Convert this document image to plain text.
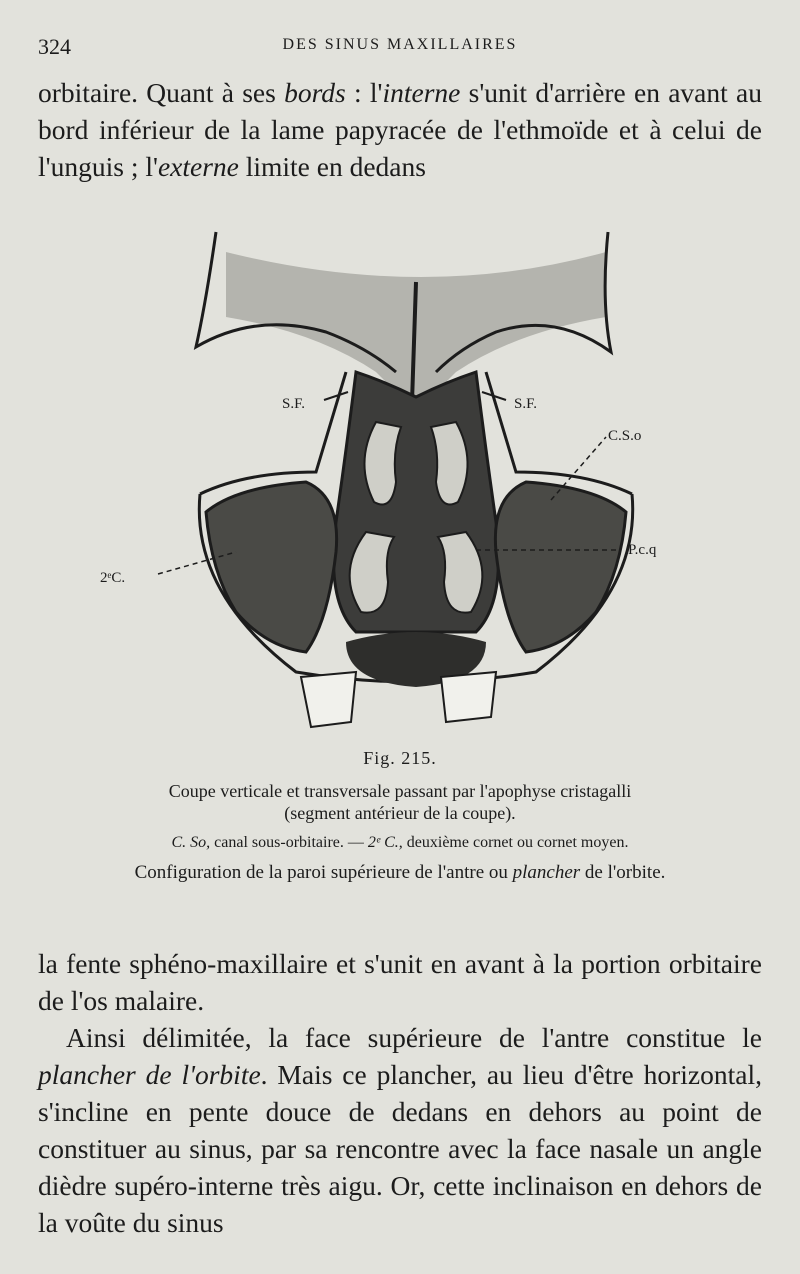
324	DES SINUS MAXILLAIRES
orbitaire. Quant à ses bords : l'interne s'unit d'arrière en avant au bord inférieur de la lame papyracée de l'ethmoïde et à celui de l'unguis ; l'externe limite en dedans
S.F.	S.F.
C.S.o
P.c.q
2ᵉC.
Fig. 215.
Coupe verticale et transversale passant par l'apophyse cristagalli
(segment antérieur de la coupe).
C. So, canal sous-orbitaire. — 2ᵉ C., deuxième cornet ou cornet moyen.
Configuration de la paroi supérieure de l'antre ou plancher de l'orbite.
la fente sphéno-maxillaire et s'unit en avant à la portion orbitaire de l'os malaire.
Ainsi délimitée, la face supérieure de l'antre constitue le plancher de l'orbite. Mais ce plancher, au lieu d'être horizontal, s'incline en pente douce de dedans en dehors au point de constituer au sinus, par sa rencontre avec la face nasale un angle dièdre supéro-interne très aigu. Or, cette inclinaison en dehors de la voûte du sinus
